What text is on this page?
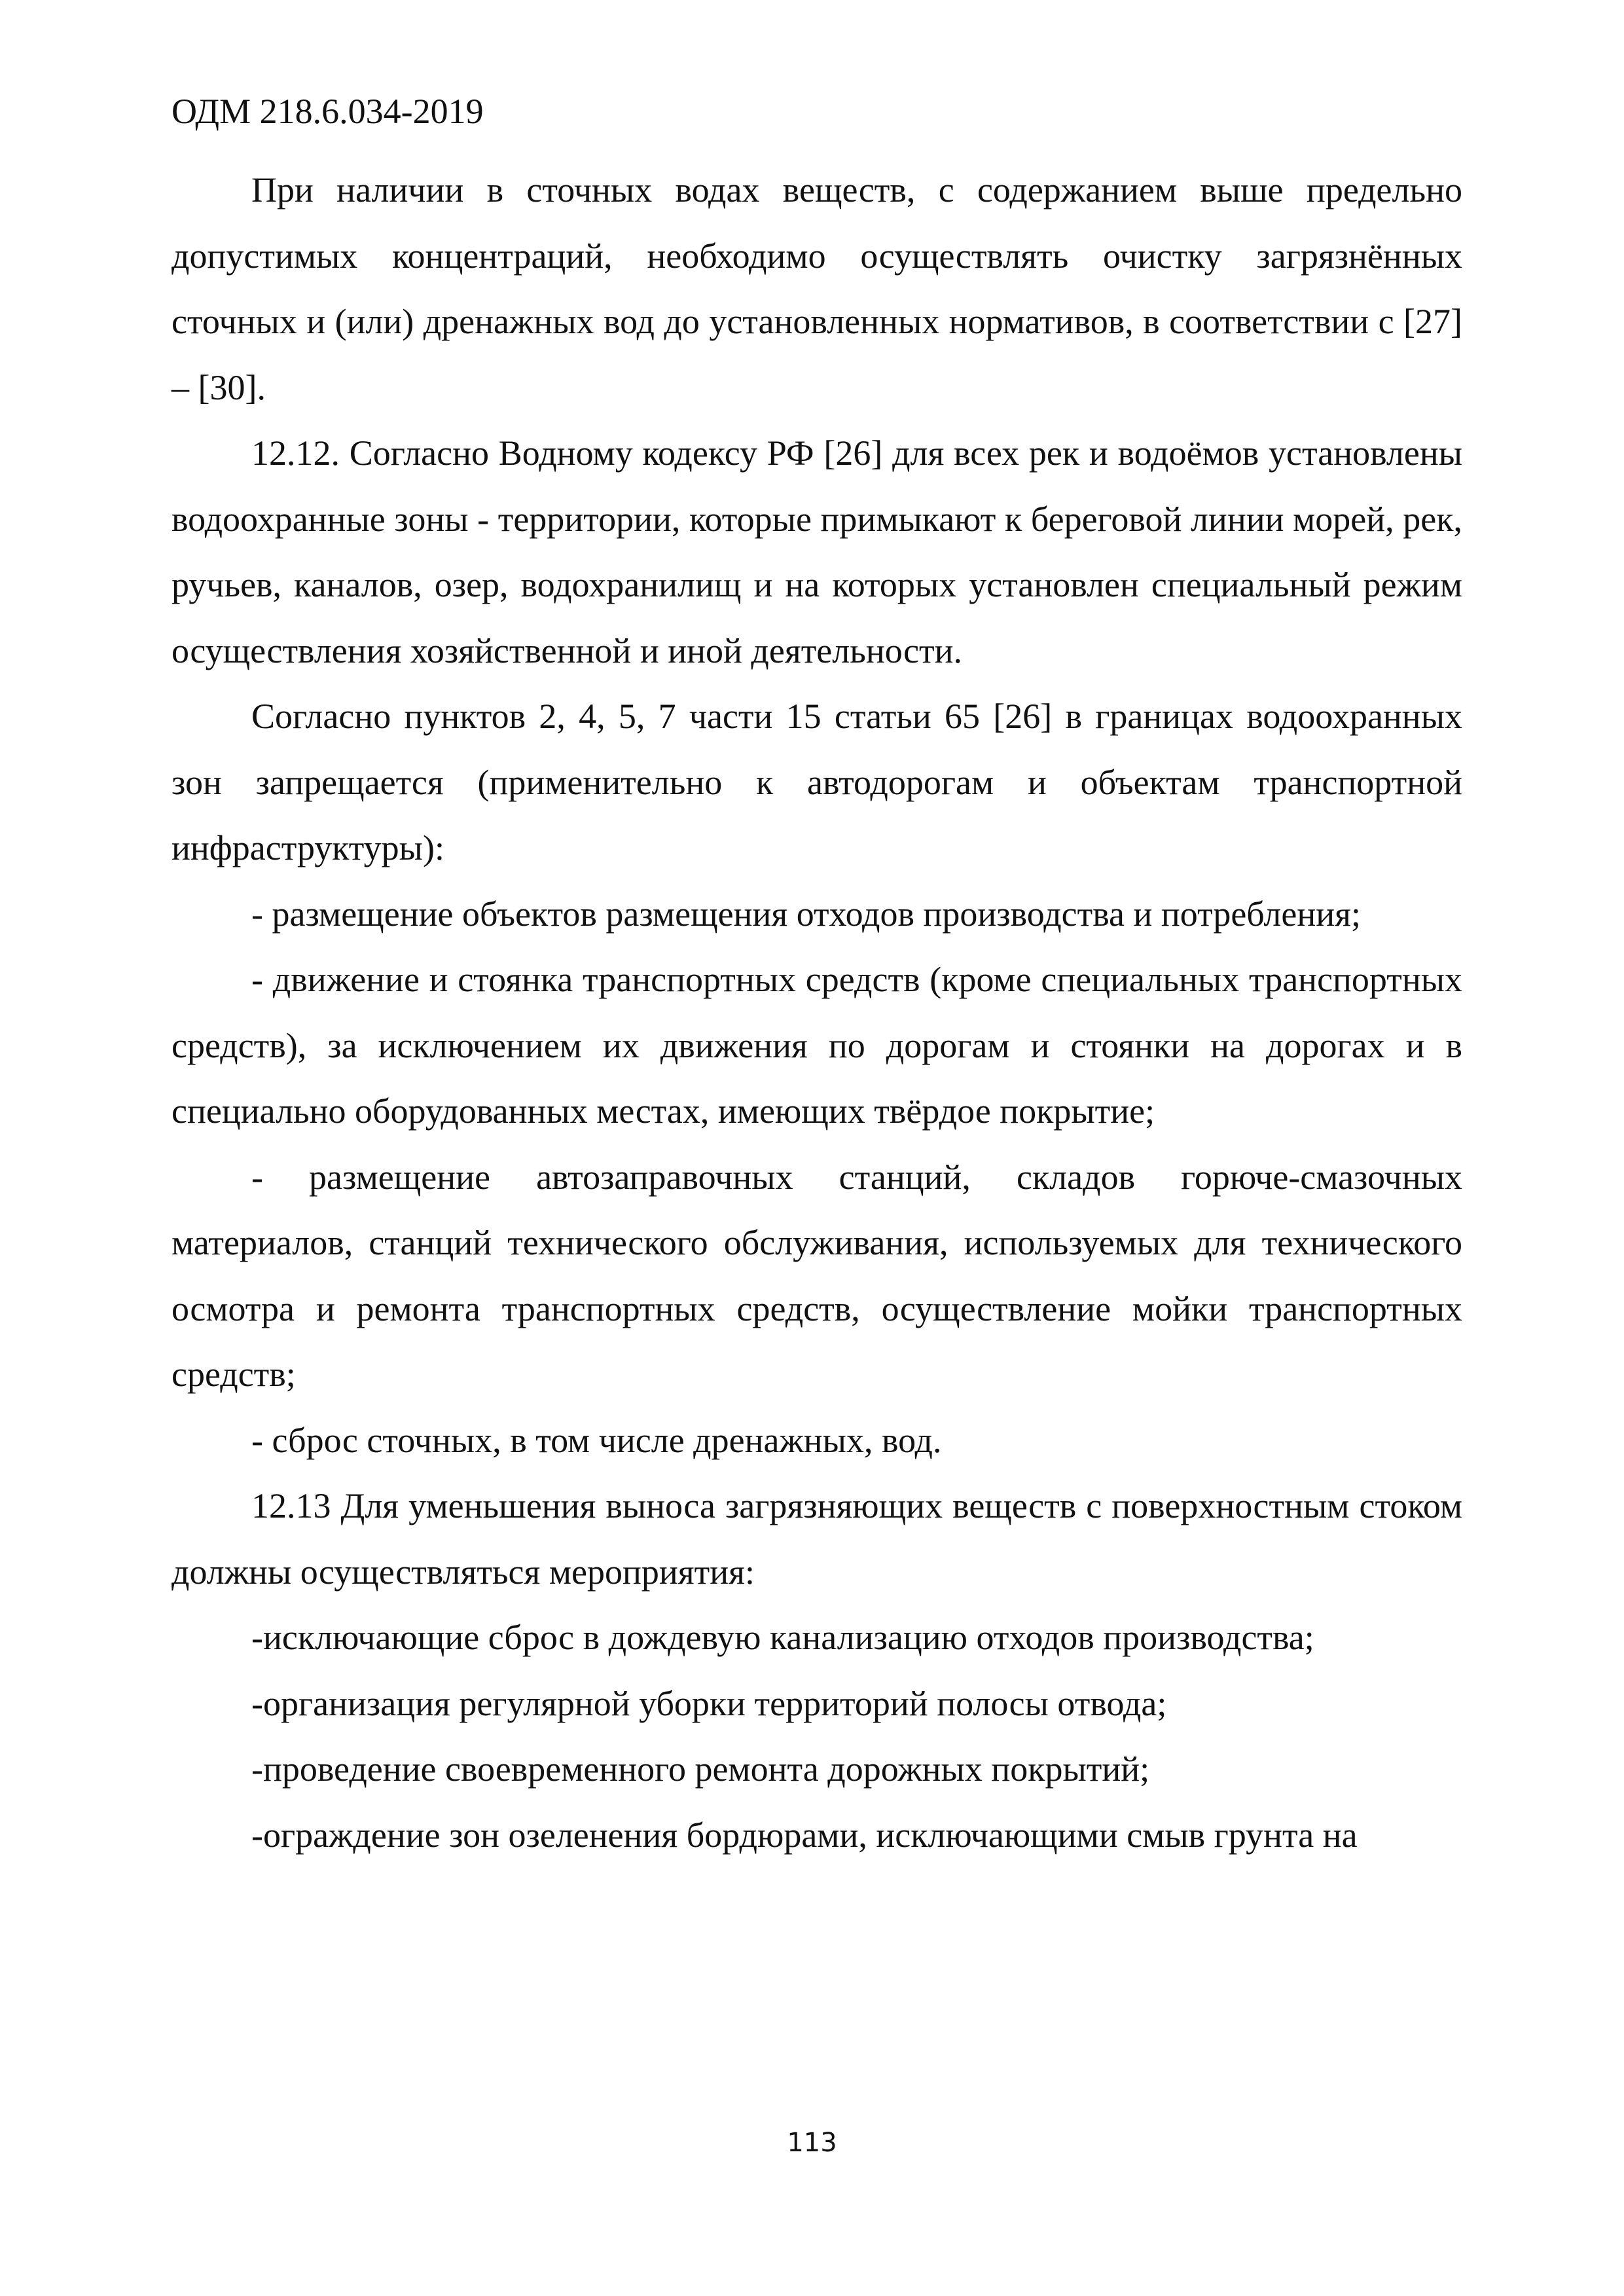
ОДМ 218.6.034-2019

При наличии в сточных водах веществ, с содержанием выше предельно допустимых концентраций, необходимо осуществлять очистку загрязнённых сточных и (или) дренажных вод до установленных нормативов, в соответствии с [27] – [30].

12.12. Согласно Водному кодексу РФ [26] для всех рек и водоёмов установлены водоохранные зоны - территории, которые примыкают к береговой линии морей, рек, ручьев, каналов, озер, водохранилищ и на которых установлен специальный режим осуществления хозяйственной и иной деятельности.

Согласно пунктов 2, 4, 5, 7 части 15 статьи 65 [26] в границах водоохранных зон запрещается (применительно к автодорогам и объектам транспортной инфраструктуры):

- размещение объектов размещения отходов производства и потребления;

- движение и стоянка транспортных средств (кроме специальных транспортных средств), за исключением их движения по дорогам и стоянки на дорогах и в специально оборудованных местах, имеющих твёрдое покрытие;

- размещение автозаправочных станций, складов горюче-смазочных материалов, станций технического обслуживания, используемых для технического осмотра и ремонта транспортных средств, осуществление мойки транспортных средств;

- сброс сточных, в том числе дренажных, вод.

12.13 Для уменьшения выноса загрязняющих веществ с поверхностным стоком должны осуществляться мероприятия:

-исключающие сброс в дождевую канализацию отходов производства;

-организация регулярной уборки территорий полосы отвода;

-проведение своевременного ремонта дорожных покрытий;

-ограждение зон озеленения бордюрами, исключающими смыв грунта на

113
